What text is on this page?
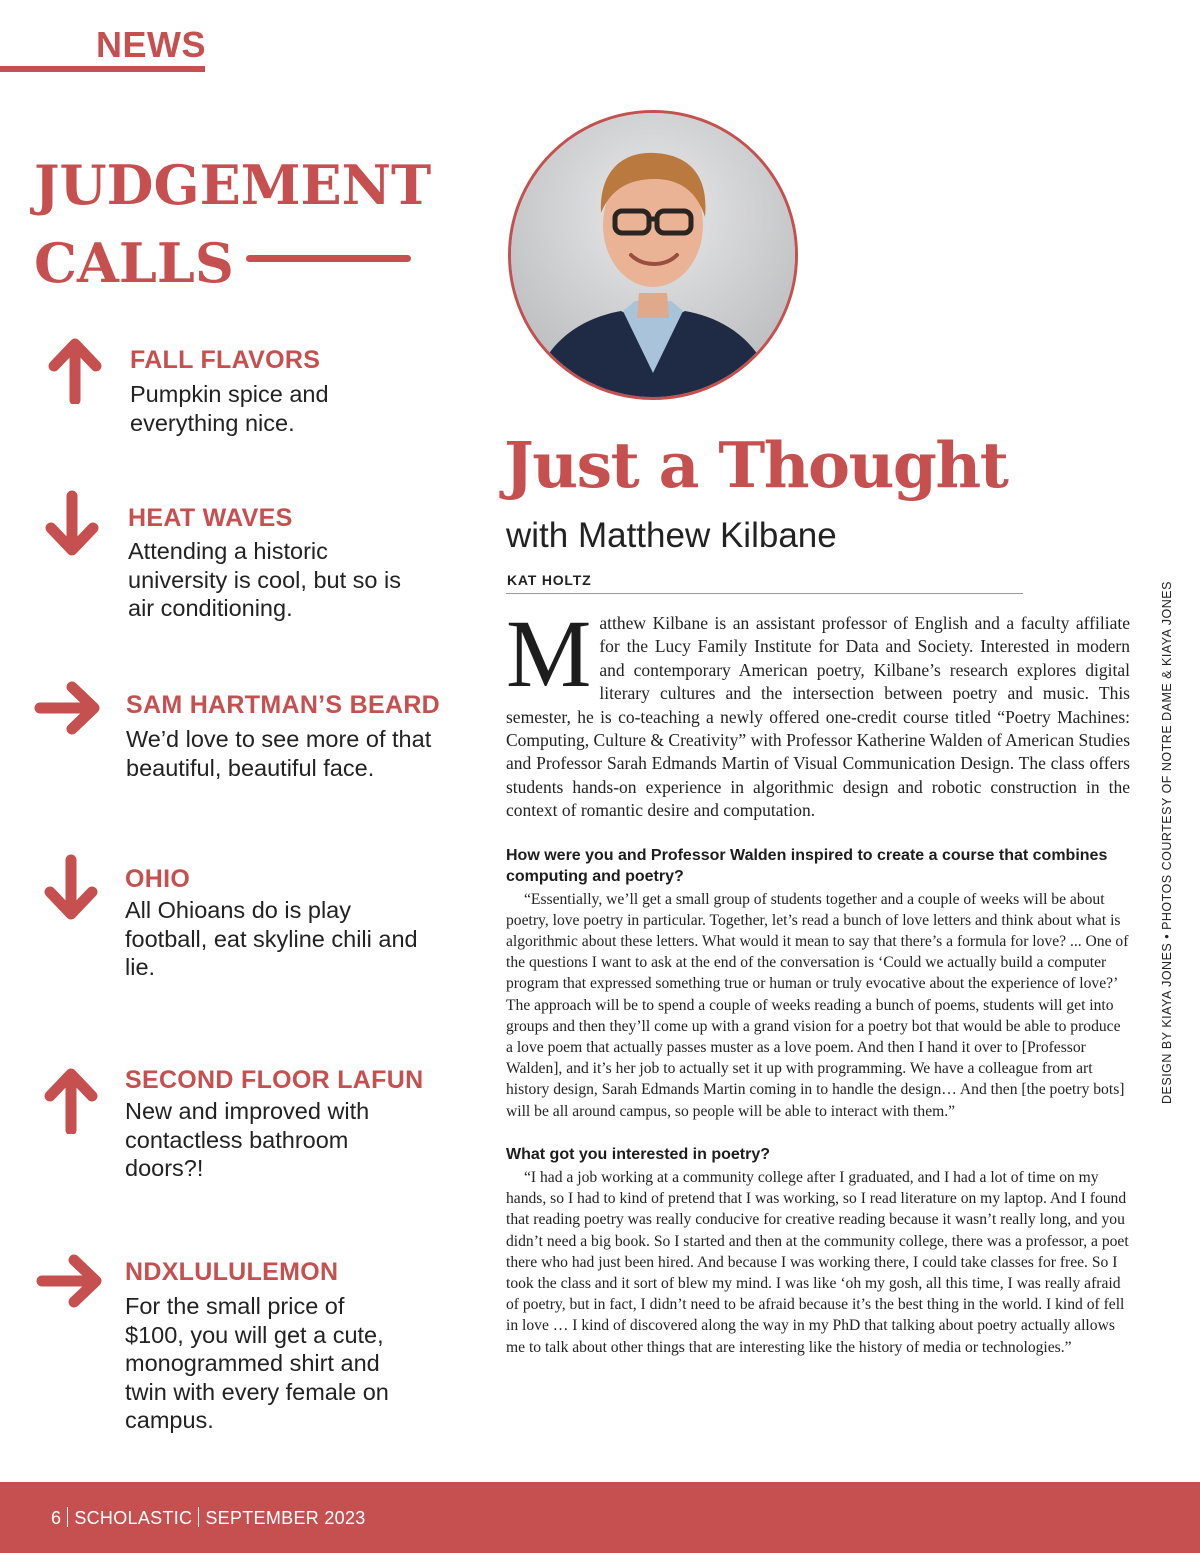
NEWS
JUDGEMENT
CALLS
FALL FLAVORS
Pumpkin spice and everything nice.
HEAT WAVES
Attending a historic university is cool, but so is air conditioning.
SAM HARTMAN’S BEARD
We’d love to see more of that beautiful, beautiful face.
OHIO
All Ohioans do is play football, eat skyline chili and lie.
SECOND FLOOR LAFUN
New and improved with contactless bathroom doors?!
NDXLULULEMON
For the small price of $100, you will get a cute, monogrammed shirt and twin with every female on campus.
Just a Thought
with Matthew Kilbane
KAT HOLTZ

Matthew Kilbane is an assistant professor of English and a faculty affiliate for the Lucy Family Institute for Data and Society. Interested in modern and contemporary American poetry, Kilbane’s research explores digital literary cultures and the intersection between poetry and music. This semester, he is co-teaching a newly offered one-credit course titled “Poetry Machines: Computing, Culture & Creativity” with Professor Katherine Walden of American Studies and Professor Sarah Edmands Martin of Visual Communication Design. The class offers students hands-on experience in algorithmic design and robotic construction in the context of romantic desire and computation.

How were you and Professor Walden inspired to create a course that combines computing and poetry?

“Essentially, we’ll get a small group of students together and a couple of weeks will be about poetry, love poetry in particular. Together, let’s read a bunch of love letters and think about what is algorithmic about these letters. What would it mean to say that there’s a formula for love? ... One of the questions I want to ask at the end of the conversation is ‘Could we actually build a computer program that expressed something true or human or truly evocative about the experience of love?’ The approach will be to spend a couple of weeks reading a bunch of poems, students will get into groups and then they’ll come up with a grand vision for a poetry bot that would be able to produce a love poem that actually passes muster as a love poem. And then I hand it over to [Professor Walden], and it’s her job to actually set it up with programming. We have a colleague from art history design, Sarah Edmands Martin coming in to handle the design… And then [the poetry bots] will be all around campus, so people will be able to interact with them.”

What got you interested in poetry?

“I had a job working at a community college after I graduated, and I had a lot of time on my hands, so I had to kind of pretend that I was working, so I read literature on my laptop. And I found that reading poetry was really conducive for creative reading because it wasn’t really long, and you didn’t need a big book. So I started and then at the community college, there was a professor, a poet there who had just been hired. And because I was working there, I could take classes for free. So I took the class and it sort of blew my mind. I was like ‘oh my gosh, all this time, I was really afraid of poetry, but in fact, I didn’t need to be afraid because it’s the best thing in the world. I kind of fell in love … I kind of discovered along the way in my PhD that talking about poetry actually allows me to talk about other things that are interesting like the history of media or technologies.”

DESIGN BY KIAYA JONES • PHOTOS COURTESY OF NOTRE DAME & KIAYA JONES
6 SCHOLASTIC SEPTEMBER 2023
